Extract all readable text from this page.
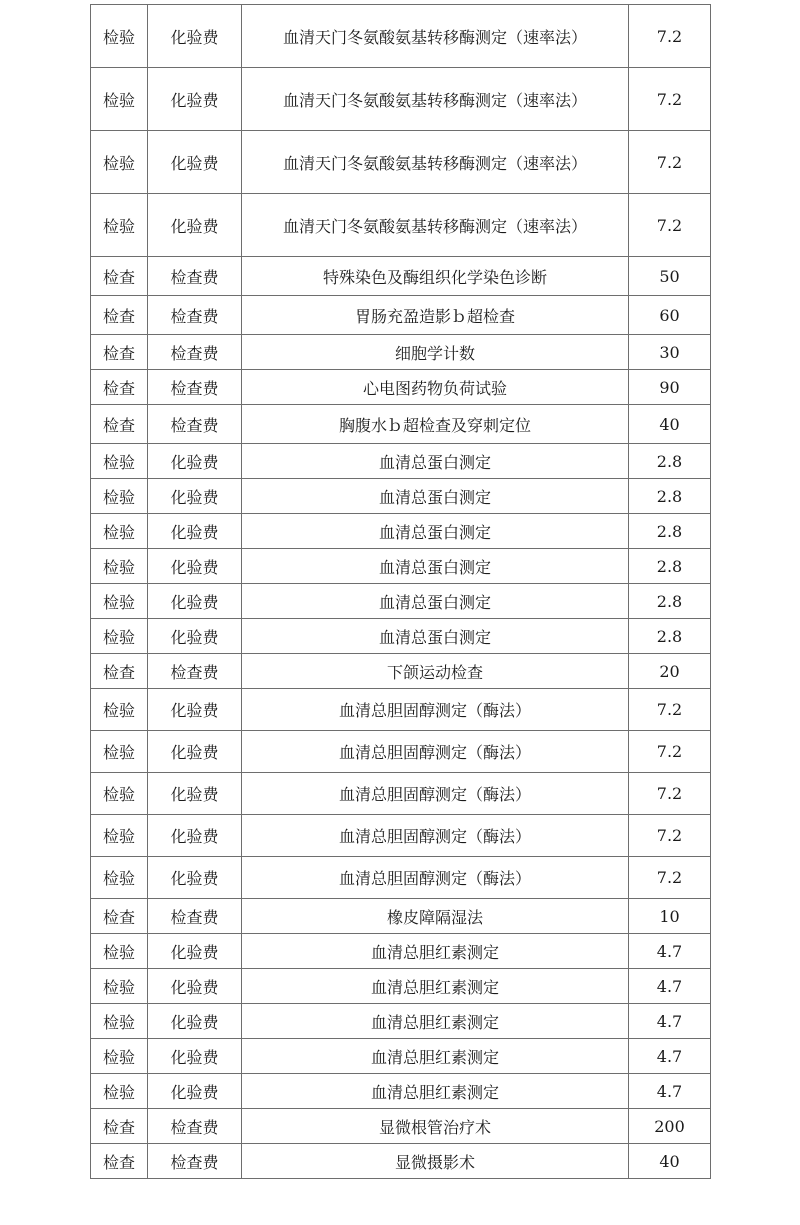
检验	化验费	血清天门冬氨酸氨基转移酶测定（速率法）	7.2
检验	化验费	血清天门冬氨酸氨基转移酶测定（速率法）	7.2
检验	化验费	血清天门冬氨酸氨基转移酶测定（速率法）	7.2
检验	化验费	血清天门冬氨酸氨基转移酶测定（速率法）	7.2
检查	检查费	特殊染色及酶组织化学染色诊断	50
检查	检查费	胃肠充盈造影ｂ超检查	60
检查	检查费	细胞学计数	30
检查	检查费	心电图药物负荷试验	90
检查	检查费	胸腹水ｂ超检查及穿刺定位	40
检验	化验费	血清总蛋白测定	2.8
检验	化验费	血清总蛋白测定	2.8
检验	化验费	血清总蛋白测定	2.8
检验	化验费	血清总蛋白测定	2.8
检验	化验费	血清总蛋白测定	2.8
检验	化验费	血清总蛋白测定	2.8
检查	检查费	下颌运动检查	20
检验	化验费	血清总胆固醇测定（酶法）	7.2
检验	化验费	血清总胆固醇测定（酶法）	7.2
检验	化验费	血清总胆固醇测定（酶法）	7.2
检验	化验费	血清总胆固醇测定（酶法）	7.2
检验	化验费	血清总胆固醇测定（酶法）	7.2
检查	检查费	橡皮障隔湿法	10
检验	化验费	血清总胆红素测定	4.7
检验	化验费	血清总胆红素测定	4.7
检验	化验费	血清总胆红素测定	4.7
检验	化验费	血清总胆红素测定	4.7
检验	化验费	血清总胆红素测定	4.7
检查	检查费	显微根管治疗术	200
检查	检查费	显微摄影术	40
